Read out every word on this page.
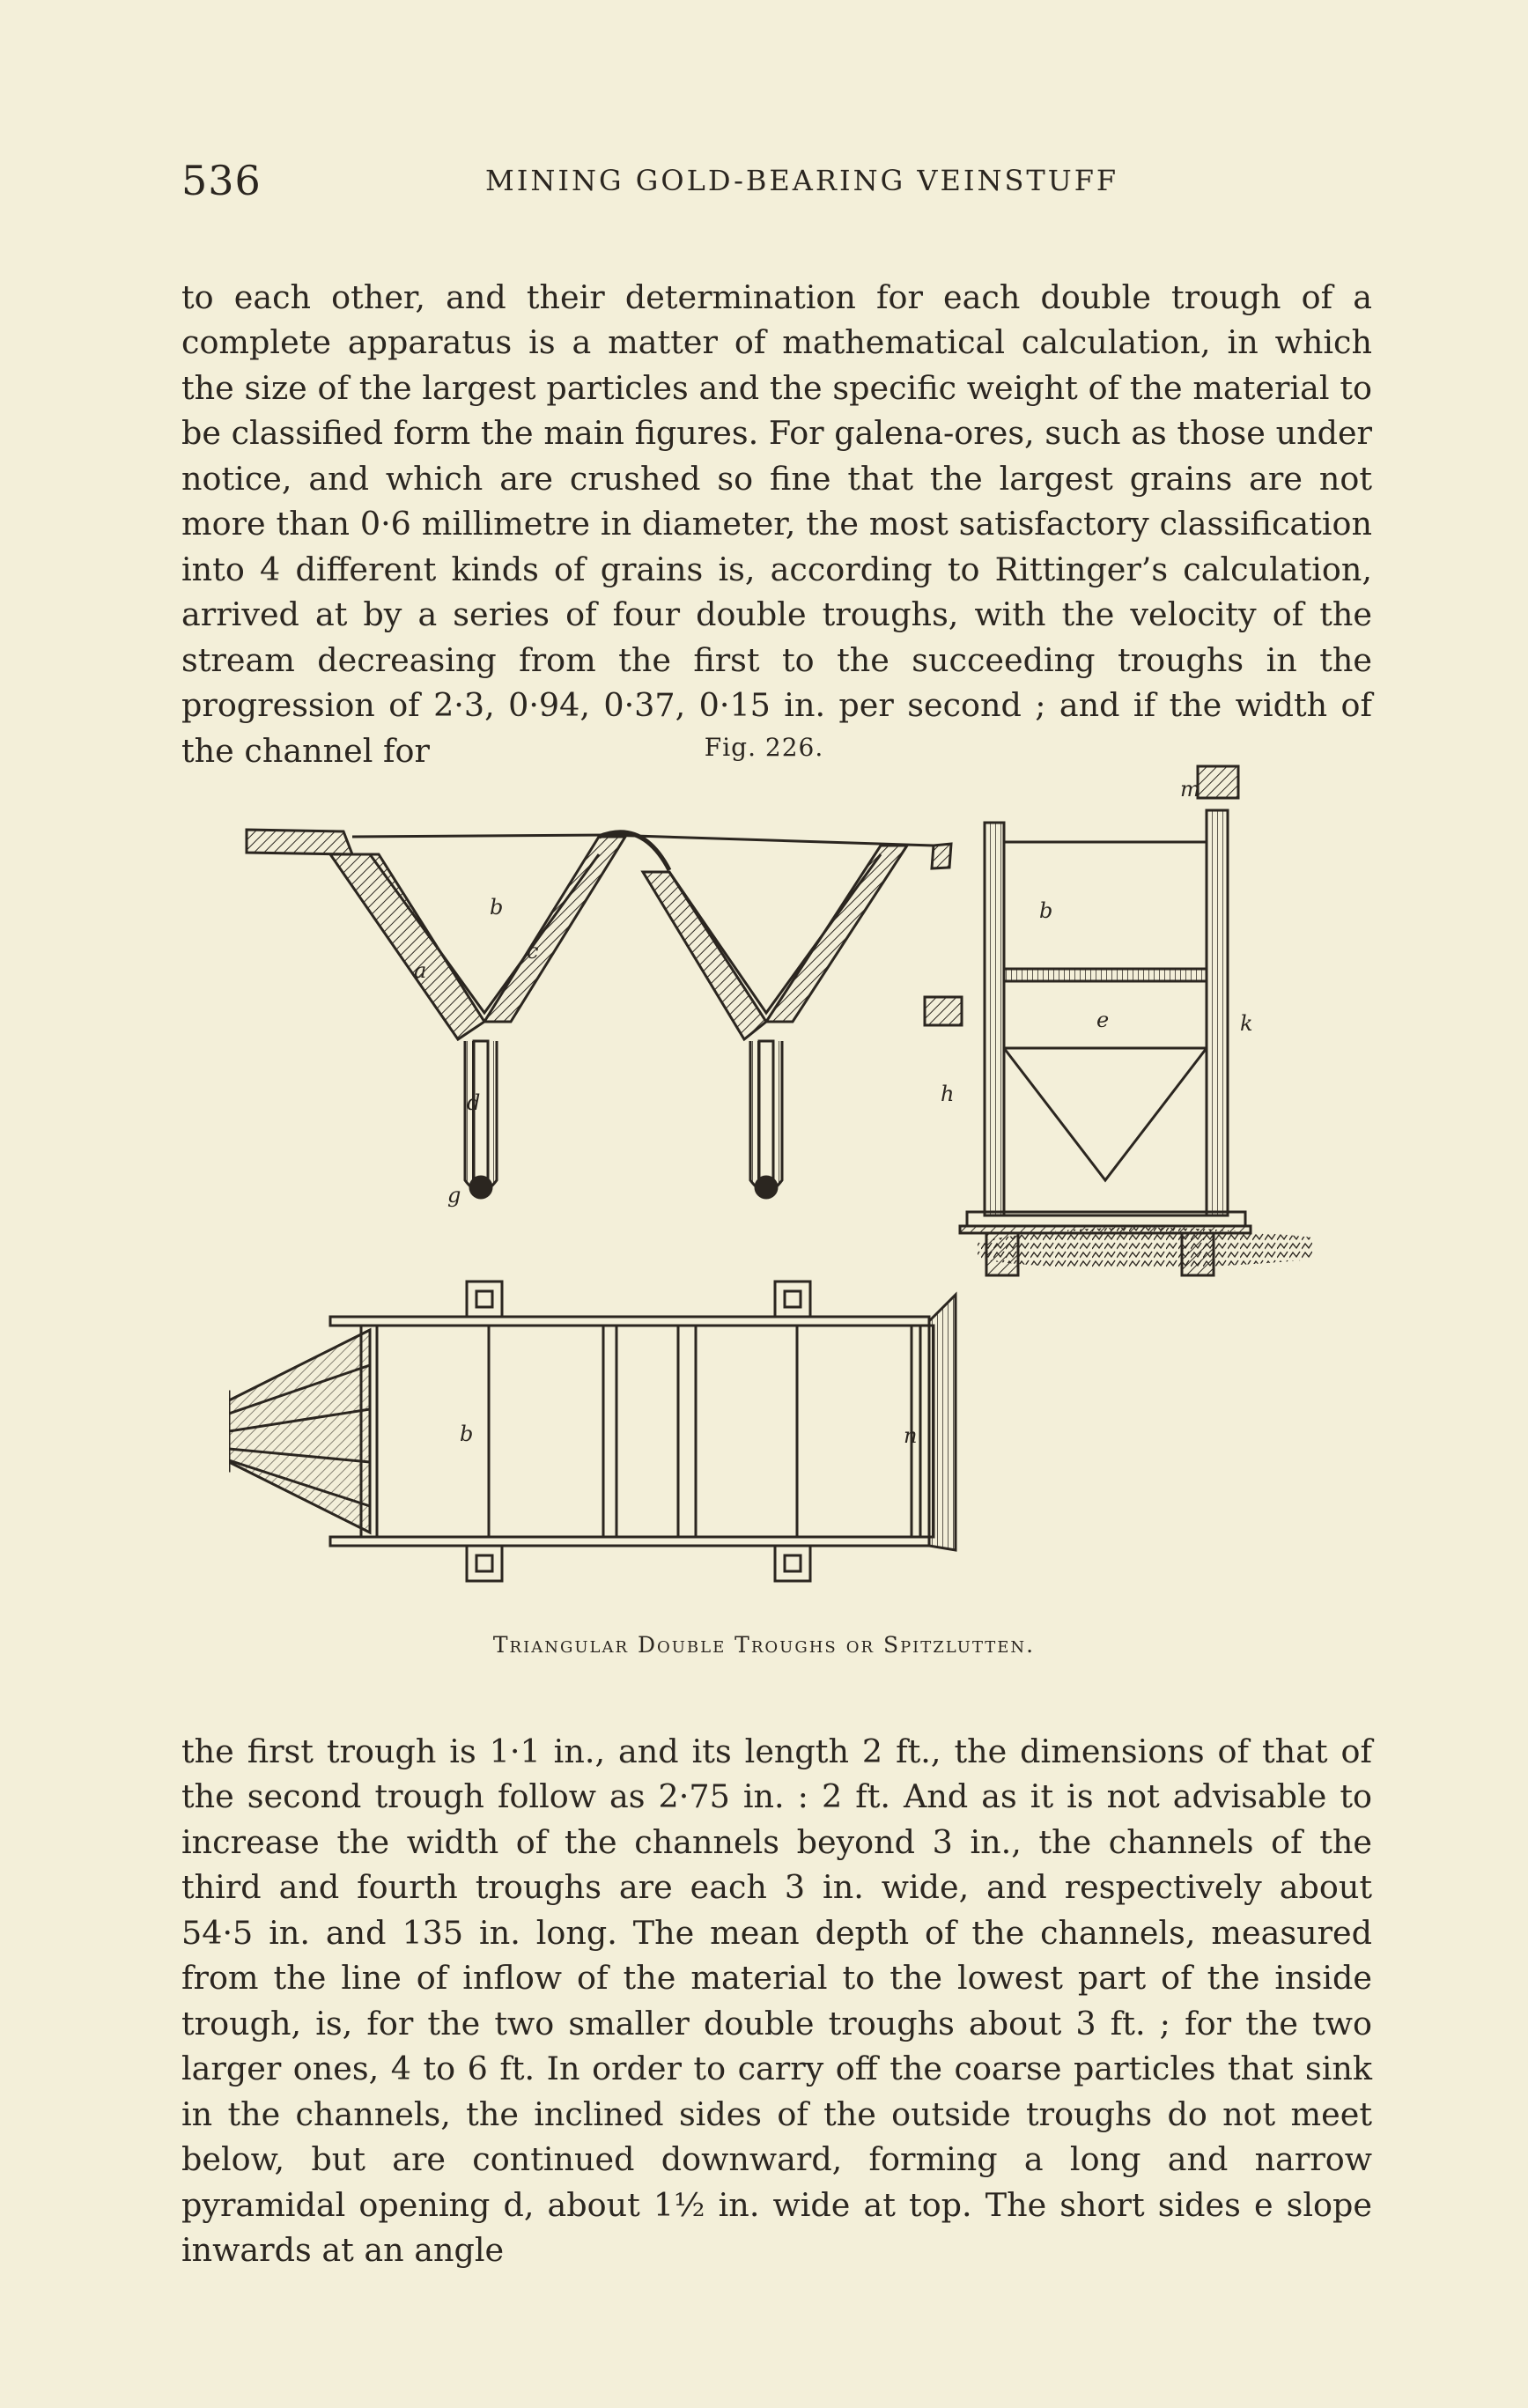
536	MINING GOLD-BEARING VEINSTUFF

to each other, and their determination for each double trough of a complete apparatus is a matter of mathematical calculation, in which the size of the largest particles and the specific weight of the material to be classified form the main figures. For galena-ores, such as those under notice, and which are crushed so fine that the largest grains are not more than 0·6 millimetre in diameter, the most satisfactory classification into 4 different kinds of grains is, according to Rittinger’s calculation, arrived at by a series of four double troughs, with the velocity of the stream decreasing from the first to the succeeding troughs in the progression of 2·3, 0·94, 0·37, 0·15 in. per second ; and if the width of the channel for	Fig. 226.
b
a
c
d
g
b
e	k
h
m
n
b
Triangular Double Troughs or Spitzlutten.

the first trough is 1·1 in., and its length 2 ft., the dimensions of that of the second trough follow as 2·75 in. : 2 ft. And as it is not advisable to increase the width of the channels beyond 3 in., the channels of the third and fourth troughs are each 3 in. wide, and respectively about 54·5 in. and 135 in. long. The mean depth of the channels, measured from the line of inflow of the material to the lowest part of the inside trough, is, for the two smaller double troughs about 3 ft. ; for the two larger ones, 4 to 6 ft. In order to carry off the coarse particles that sink in the channels, the inclined sides of the outside troughs do not meet below, but are continued downward, forming a long and narrow pyramidal opening d, about 1½ in. wide at top. The short sides e slope inwards at an angle
